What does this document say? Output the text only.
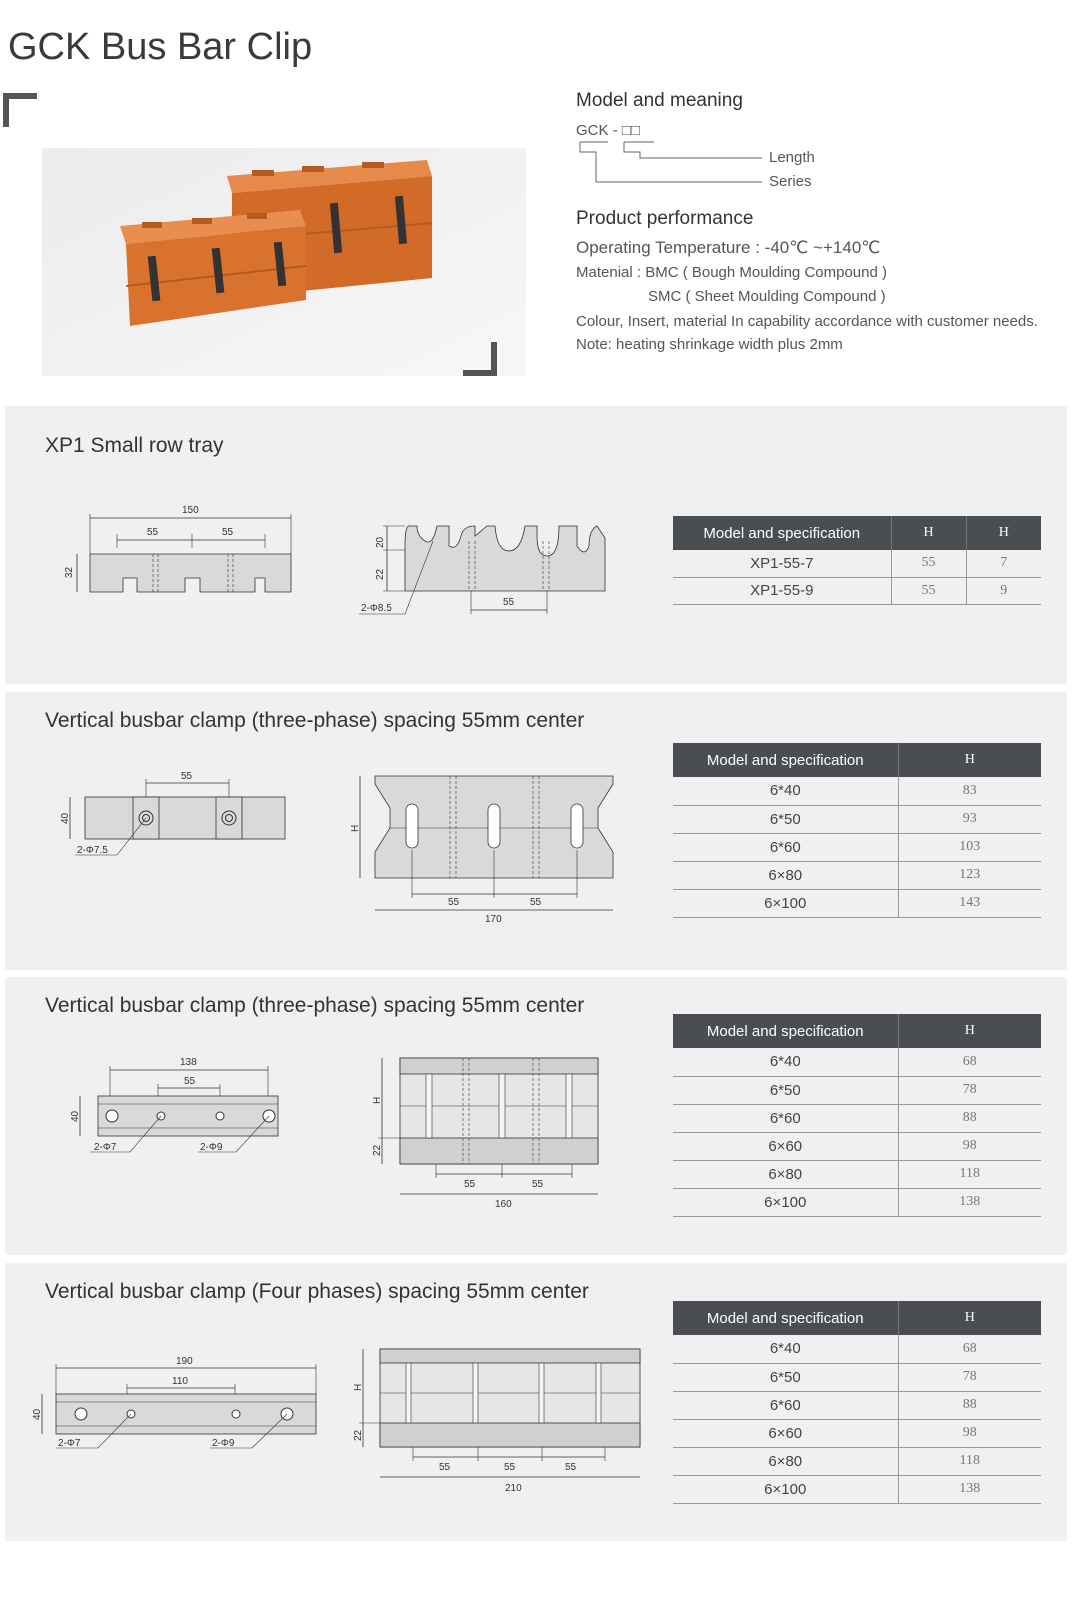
GCK Bus Bar Clip
Model and meaning
GCK - □□
Length
Series
Product performance
Operating Temperature : -40℃ ~+140℃
Matenial : BMC ( Bough Moulding Compound )
SMC ( Sheet Moulding Compound )
Colour, Insert, material In capability accordance with customer needs.
Note: heating shrinkage width plus 2mm
XP1 Small row tray
150
55	55
32
20
22
55
2-Φ8.5
Model and specification	H	H
XP1-55-7	55	7
XP1-55-9	55	9
Vertical busbar clamp (three-phase) spacing 55mm center
55
40
2-Φ7.5
H
55	55
170
Model and specification	H
6*40	83
6*50	93
6*60	103
6×80	123
6×100	143
Vertical busbar clamp (three-phase) spacing 55mm center
138
55
40
2-Φ7	2-Φ9
H
22
55	55
160
Model and specification	H
6*40	68
6*50	78
6*60	88
6×60	98
6×80	118
6×100	138
Vertical busbar clamp (Four phases) spacing 55mm center
190
110
40
2-Φ7	2-Φ9
H
22
55	55	55
210
Model and specification	H
6*40	68
6*50	78
6*60	88
6×60	98
6×80	118
6×100	138
